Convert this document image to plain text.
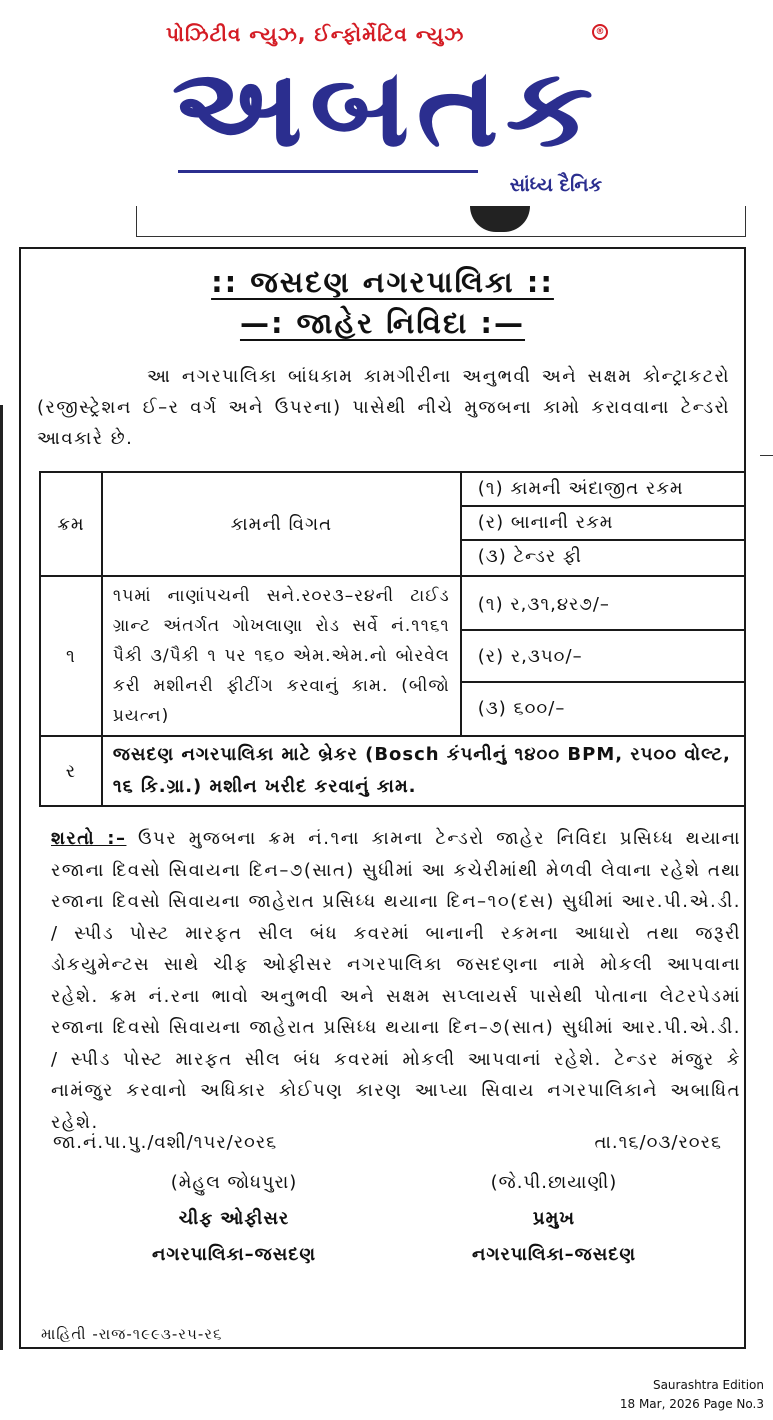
પોઝિટીવ ન્યુઝ, ઈન્ફોર્મેટિવ ન્યુઝ	®
અબતક
સાંધ્ય દૈનિક
:: જસદણ નગરપાલિકા ::
—: જાહેર નિવિદા :—

આ નગરપાલિકા બાંધકામ કામગીરીના અનુભવી અને સક્ષમ કોન્ટ્રાકટરો (રજીસ્ટ્રેશન ઈ–ર વર્ગ અને ઉપરના) પાસેથી નીચે મુજબના કામો કરાવવાના ટેન્ડરો આવકારે છે.

ક્રમ	કામની વિગત	(૧) કામની અંદાજીત રકમ
(ર) બાનાની રકમ
(૩) ટેન્ડર ફી

૧	૧૫માં નાણાંપચની સને.ર૦ર૩–ર૪ની ટાઈડ ગ્રાન્ટ અંતર્ગત ગોખલાણા રોડ સર્વે નં.૧૧૬૧ પૈકી ૩/પૈકી ૧ પર ૧૬૦ એમ.એમ.નો બોરવેલ કરી મશીનરી ફીટીંગ કરવાનું કામ. (બીજો પ્રયત્ન)	(૧) ર,૩૧,૪ર૭/–
(ર) ર,૩૫૦/–
(૩) ૬૦૦/–

ર	જસદણ નગરપાલિકા માટે બ્રેકર (Bosch કંપનીનું ૧૪૦૦ BPM, ર૫૦૦ વોલ્ટ, ૧૬ કિ.ગ્રા.) મશીન ખરીદ કરવાનું કામ.	

શરતો :– ઉપર મુજબના ક્રમ નં.૧ના કામના ટેન્ડરો જાહેર નિવિદા પ્રસિધ્ધ થયાના રજાના દિવસો સિવાયના દિન–૭(સાત) સુધીમાં આ કચેરીમાંથી મેળવી લેવાના રહેશે તથા રજાના દિવસો સિવાયના જાહેરાત પ્રસિધ્ધ થયાના દિન–૧૦(દસ) સુધીમાં આર.પી.એ.ડી. / સ્પીડ પોસ્ટ મારફત સીલ બંધ કવરમાં બાનાની રકમના આધારો તથા જરૂરી ડોકયુમેન્ટસ સાથે ચીફ ઓફીસર નગરપાલિકા જસદણના નામે મોકલી આપવાના રહેશે. ક્રમ નં.રના ભાવો અનુભવી અને સક્ષમ સપ્લાયર્સ પાસેથી પોતાના લેટરપેડમાં રજાના દિવસો સિવાયના જાહેરાત પ્રસિધ્ધ થયાના દિન–૭(સાત) સુધીમાં આર.પી.એ.ડી. / સ્પીડ પોસ્ટ મારફત સીલ બંધ કવરમાં મોકલી આપવાનાં રહેશે. ટેન્ડર મંજુર કે નામંજુર કરવાનો અધિકાર કોઈપણ કારણ આપ્યા સિવાય નગરપાલિકાને અબાધિત રહેશે.

જા.નં.પા.પુ./વશી/૧૫ર/ર૦ર૬	તા.૧૬/૦૩/ર૦ર૬
(મેહુલ જોધપુરા)
ચીફ ઓફીસર
નગરપાલિકા–જસદણ
(જે.પી.છાયાણી)
પ્રમુખ
નગરપાલિકા–જસદણ
માહિતી -રાજ-૧૯૯૩-ર૫-ર૬
Saurashtra Edition
18 Mar, 2026 Page No.3
